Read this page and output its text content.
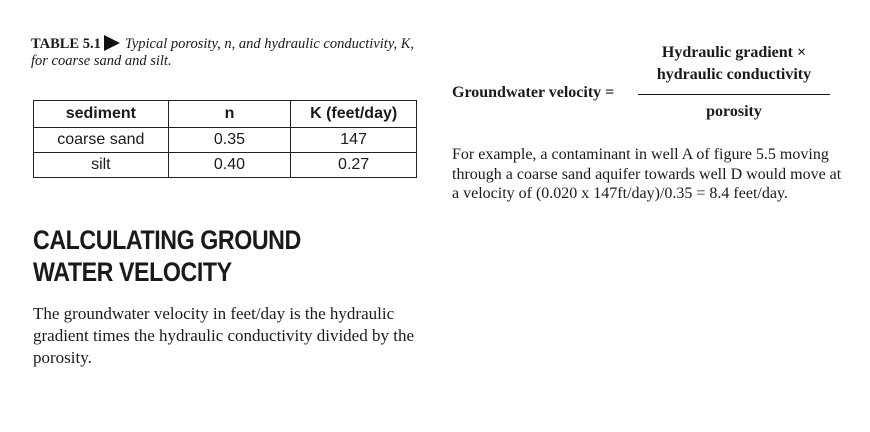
TABLE 5.1 Typical porosity, n, and hydraulic conductivity, K, for coarse sand and silt.
sediment	n	K (feet/day)
coarse sand	0.35	147
silt	0.40	0.27
CALCULATING GROUND
WATER VELOCITY

The groundwater velocity in feet/day is the hydraulic gradient times the hydraulic conductivity divided by the porosity.

Groundwater velocity =
Hydraulic gradient ×
hydraulic conductivity
porosity

For example, a contaminant in well A of figure 5.5 moving through a coarse sand aquifer towards well D would move at a velocity of (0.020 x 147ft/day)/0.35 = 8.4 feet/day.
